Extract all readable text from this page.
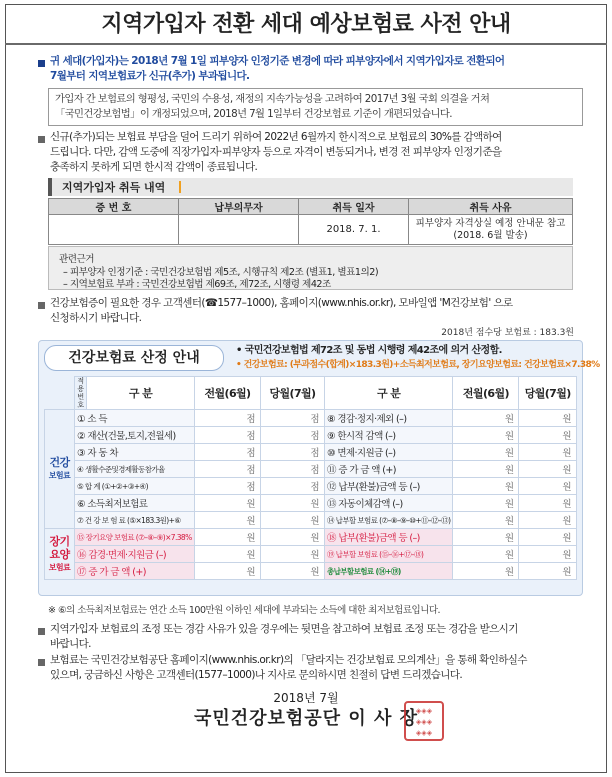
지역가입자 전환 세대 예상보험료 사전 안내
귀 세대(가입자)는 2018년 7월 1일 피부양자 인정기준 변경에 따라 피부양자에서 지역가입자로 전환되어
7월부터 지역보험료가 신규(추가) 부과됩니다.
가입자 간 보험료의 형평성, 국민의 수용성, 재정의 지속가능성을 고려하여 2017년 3월 국회 의결을 거쳐
「국민건강보험법」이 개정되었으며, 2018년 7월 1일부터 건강보험료 기준이 개편되었습니다.
신규(추가)되는 보험료 부담을 덜어 드리기 위하여 2022년 6월까지 한시적으로 보험료의 30%를 감액하여
드립니다. 다만, 감액 도중에 직장가입자·피부양자 등으로 자격이 변동되거나, 변경 전 피부양자 인정기준을
충족하지 못하게 되면 한시적 감액이 종료됩니다.
지역가입자 취득 내역
증 번 호	납부의무자	취득 일자	취득 사유
		2018. 7. 1.	피부양자 자격상실 예정 안내문 참고 (2018. 6월 발송)
관련근거
– 피부양자 인정기준 : 국민건강보험법 제5조, 시행규칙 제2조 (별표1, 별표1의2)
– 지역보험료 부과 : 국민건강보험법 제69조, 제72조, 시행령 제42조
건강보험증이 필요한 경우 고객센터(☎1577–1000), 홈페이지(www.nhis.or.kr), 모바일앱 'M건강보험' 으로
신청하시기 바랍니다.
2018년 점수당 보험료 : 183.3원
건강보험료 산정 안내	• 국민건강보험법 제72조 및 동법 시행령 제42조에 의거 산정함.
• 건강보험료: (부과점수(합계)×183.3원)+소득최저보험료, 장기요양보험료: 건강보험료×7.38%
	적용번호	구 분	전월(6월)	당월(7월)	구 분	전월(6월)	당월(7월)

건강
보험료	① 소 득		점	점	⑧ 경감·정지·제외 (–)	원	원
	② 재산(건물,토지,전월세)		점	점	⑨ 한시적 감액 (–)	원	원
	③ 자 동 차		점	점	⑩ 면제·지원금 (–)	원	원
	④ 생활수준및경제활동참가율		점	점	⑪ 증 가 금 액 (+)	원	원
	⑤ 합 계 (①+②+③+④)		점	점	⑫ 납부(환불)금액 등 (–)	원	원
	⑥ 소득최저보험료		원	원	⑬ 자동이체감액 (–)	원	원
	⑦ 건 강 보 험 료 (⑤×183.3원)+⑥		원	원	⑭ 납부할 보험료 (⑦–⑧–⑨–⑩+⑪–⑫–⑬)	원	원

장기요양
보험료	⑮ 장기요양 보험료 (⑦–⑧–⑨)×7.38%		원	원	⑱ 납부(환불)금액 등 (–)	원	원
	⑯ 감경·면제·지원금 (–)		원	원	⑲ 납부할 보험료 (⑮–⑯+⑰–⑱)	원	원
	⑰ 증 가 금 액 (+)		원	원	총납부할보험료 (⑭+⑲)	원	원
※ ⑥의 소득최저보험료는 연간 소득 100만원 이하인 세대에 부과되는 소득에 대한 최저보험료입니다.
지역가입자 보험료의 조정 또는 경감 사유가 있을 경우에는 뒷면을 참고하여 보험료 조정 또는 경감을 받으시기
바랍니다.
보험료는 국민건강보험공단 홈페이지(www.nhis.or.kr)의 「달라지는 건강보험료 모의계산」을 통해 확인하실수
있으며, 궁금하신 사항은 고객센터(1577–1000)나 지사로 문의하시면 친절히 답변 드리겠습니다.
2018년 7월
국민건강보험공단 이 사 장
◈◈◈
◈◈◈
◈◈◈
